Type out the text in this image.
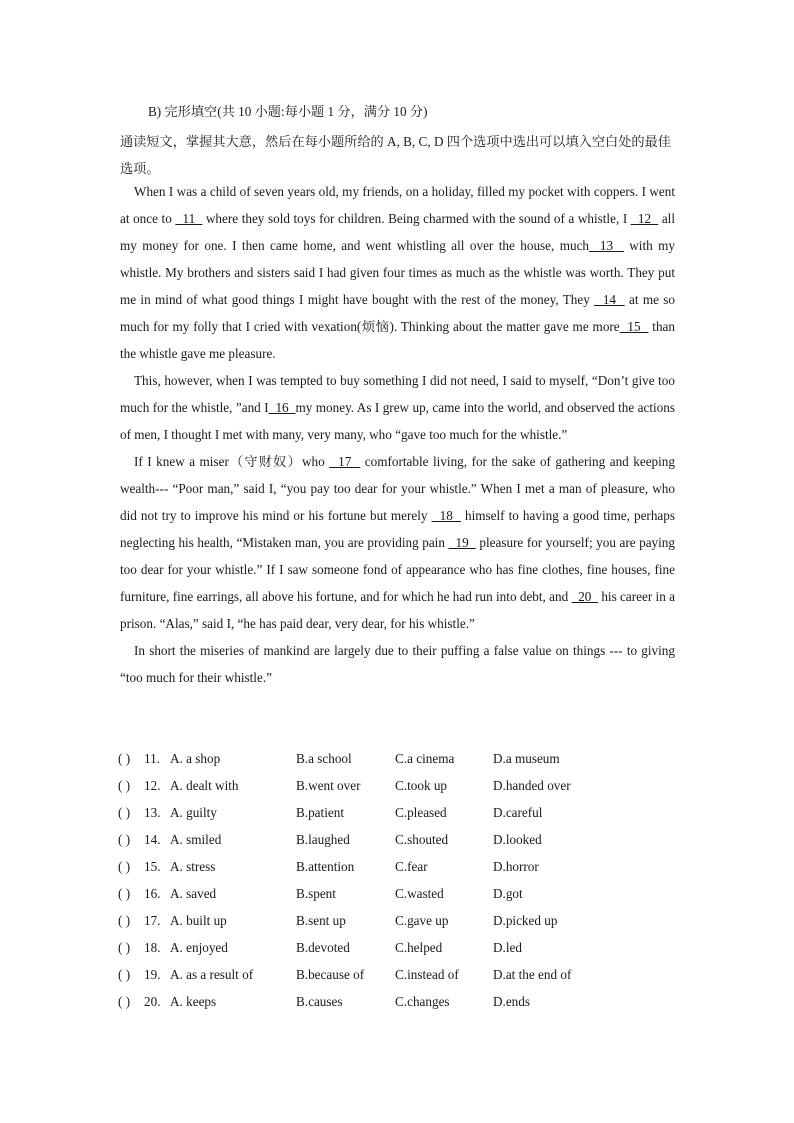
B) 完形填空(共 10 小题:每小题 1 分，满分 10 分)
通读短文，掌握其大意，然后在每小题所给的 A, B, C, D 四个选项中选出可以填入空白处的最佳选项。

When I was a child of seven years old, my friends, on a holiday, filled my pocket with coppers. I went at once to   11   where they sold toys for children. Being charmed with the sound of a whistle, I   12   all my money for one. I then came home, and went whistling all over the house, much  13   with my whistle. My brothers and sisters said I had given four times as much as the whistle was worth. They put me in mind of what good things I might have bought with the rest of the money, They   14   at me so much for my folly that I cried with vexation(烦恼). Thinking about the matter gave me more  15   than the whistle gave me pleasure.

This, however, when I was tempted to buy something I did not need, I said to myself, “Don’t give too much for the whistle, ”and I  16  my money. As I grew up, came into the world, and observed the actions of men, I thought I met with many, very many, who “gave too much for the whistle.”

If I knew a miser（守财奴）who   17   comfortable living, for the sake of gathering and keeping wealth--- “Poor man,” said I, “you pay too dear for your whistle.” When I met a man of pleasure, who did not try to improve his mind or his fortune but merely   18   himself to having a good time, perhaps neglecting his health, “Mistaken man, you are providing pain   19   pleasure for yourself; you are paying too dear for your whistle.” If I saw someone fond of appearance who has fine clothes, fine houses, fine furniture, fine earrings, all above his fortune, and for which he had run into debt, and   20   his career in a prison. “Alas,” said I, “he has paid dear, very dear, for his whistle.”

In short the miseries of mankind are largely due to their puffing a false value on things --- to giving “too much for their whistle.”

( ) 11. A. a shop	B.a school	C.a cinema	D.a museum
( ) 12. A. dealt with	B.went over	C.took up	D.handed over
( ) 13. A. guilty	B.patient	C.pleased	D.careful
( ) 14. A. smiled	B.laughed	C.shouted	D.looked
( ) 15. A. stress	B.attention	C.fear	D.horror
( ) 16. A. saved	B.spent	C.wasted	D.got
( ) 17. A. built up	B.sent up	C.gave up	D.picked up
( ) 18. A. enjoyed	B.devoted	C.helped	D.led
( ) 19. A. as a result of	B.because of C.instead of	D.at the end of
( ) 20. A. keeps	B.causes	C.changes	D.ends
